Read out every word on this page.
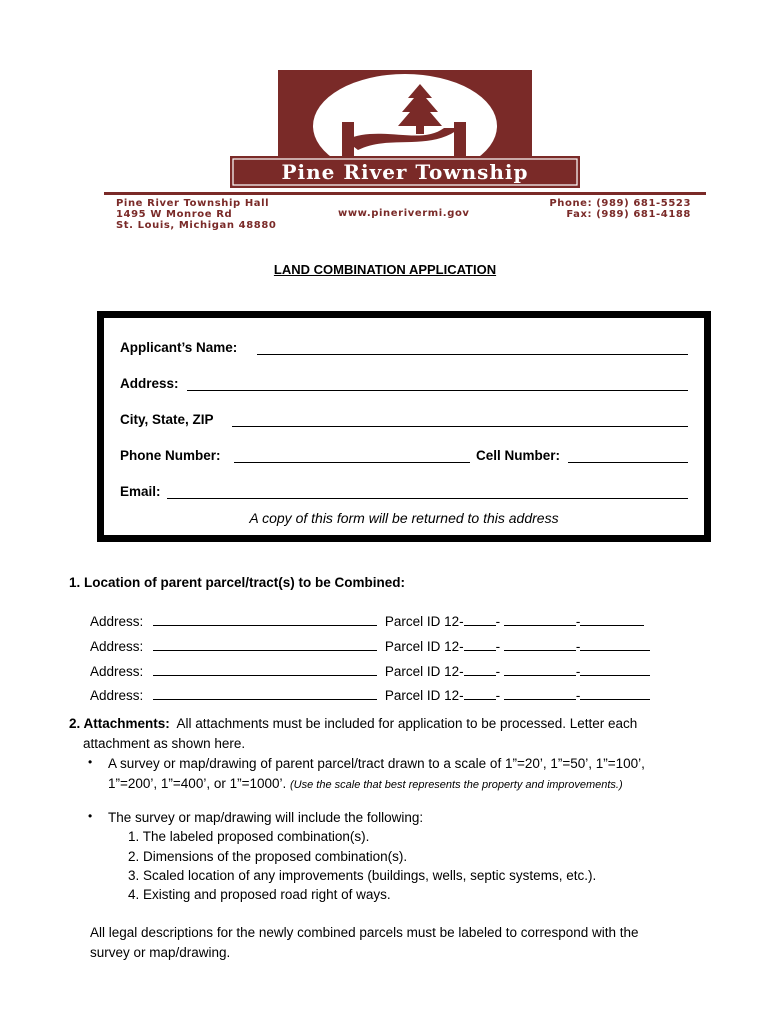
Pine River Township
Pine River Township Hall
1495 W Monroe Rd
St. Louis, Michigan 48880
www.pinerivermi.gov
Phone: (989) 681-5523
Fax: (989) 681-4188
LAND COMBINATION APPLICATION
Applicant’s Name:
Address:
City, State, ZIP
Phone Number:	Cell Number:
Email:
A copy of this form will be returned to this address
1. Location of parent parcel/tract(s) to be Combined:
Address:	Parcel ID 12- -	-
Address:	Parcel ID 12- -	-
Address:	Parcel ID 12- -	-
Address:	Parcel ID 12- -	-
2. Attachments: All attachments must be included for application to be processed. Letter each
attachment as shown here.
• A survey or map/drawing of parent parcel/tract drawn to a scale of 1”=20’, 1”=50’, 1”=100’,
1”=200’, 1”=400’, or 1”=1000’. (Use the scale that best represents the property and improvements.)
• The survey or map/drawing will include the following:
1. The labeled proposed combination(s).
2. Dimensions of the proposed combination(s).
3. Scaled location of any improvements (buildings, wells, septic systems, etc.).
4. Existing and proposed road right of ways.
All legal descriptions for the newly combined parcels must be labeled to correspond with the
survey or map/drawing.
